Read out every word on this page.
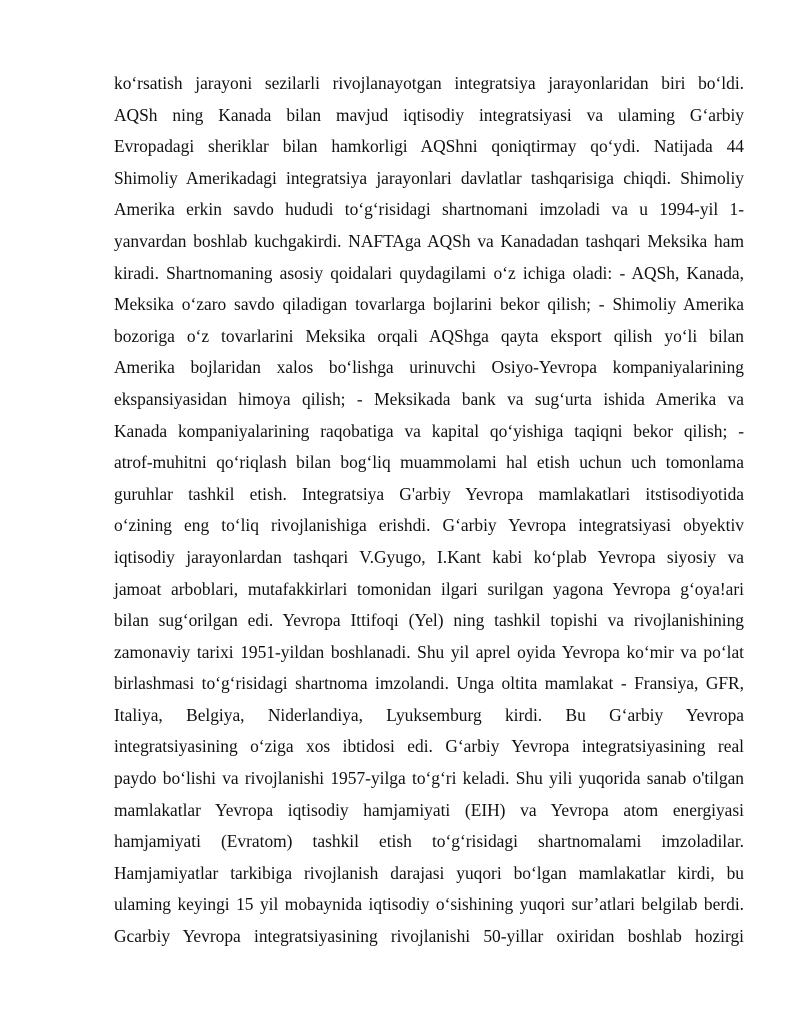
ko‘rsatish jarayoni sezilarli rivojlanayotgan integratsiya jarayonlaridan biri bo‘ldi.
AQSh ning Kanada bilan mavjud iqtisodiy integratsiyasi va ulaming G‘arbiy
Evropadagi sheriklar bilan hamkorligi AQShni qoniqtirmay qo‘ydi. Natijada 44
Shimoliy Amerikadagi integratsiya jarayonlari davlatlar tashqarisiga chiqdi. Shimoliy
Amerika erkin savdo hududi to‘g‘risidagi shartnomani imzoladi va u 1994-yil 1-
yanvardan boshlab kuchgakirdi. NAFTAga AQSh va Kanadadan tashqari Meksika ham
kiradi. Shartnomaning asosiy qoidalari quydagilami o‘z ichiga oladi: - AQSh, Kanada,
Meksika o‘zaro savdo qiladigan tovarlarga bojlarini bekor qilish; - Shimoliy Amerika
bozoriga o‘z tovarlarini Meksika orqali AQShga qayta eksport qilish yo‘li bilan
Amerika bojlaridan xalos bo‘lishga urinuvchi Osiyo-Yevropa kompaniyalarining
ekspansiyasidan himoya qilish; - Meksikada bank va sug‘urta ishida Amerika va
Kanada kompaniyalarining raqobatiga va kapital qo‘yishiga taqiqni bekor qilish; -
atrof-muhitni qo‘riqlash bilan bog‘liq muammolami hal etish uchun uch tomonlama
guruhlar tashkil etish. Integratsiya G'arbiy Yevropa mamlakatlari itstisodiyotida
o‘zining eng to‘liq rivojlanishiga erishdi. G‘arbiy Yevropa integratsiyasi obyektiv
iqtisodiy jarayonlardan tashqari V.Gyugo, I.Kant kabi ko‘plab Yevropa siyosiy va
jamoat arboblari, mutafakkirlari tomonidan ilgari surilgan yagona Yevropa g‘oya!ari
bilan sug‘orilgan edi. Yevropa Ittifoqi (Yel) ning tashkil topishi va rivojlanishining
zamonaviy tarixi 1951-yildan boshlanadi. Shu yil aprel oyida Yevropa ko‘mir va po‘lat
birlashmasi to‘g‘risidagi shartnoma imzolandi. Unga oltita mamlakat - Fransiya, GFR,
Italiya, Belgiya, Niderlandiya, Lyuksemburg kirdi. Bu G‘arbiy Yevropa
integratsiyasining o‘ziga xos ibtidosi edi. G‘arbiy Yevropa integratsiyasining real
paydo bo‘lishi va rivojlanishi 1957-yilga to‘g‘ri keladi. Shu yili yuqorida sanab o'tilgan
mamlakatlar Yevropa iqtisodiy hamjamiyati (EIH) va Yevropa atom energiyasi
hamjamiyati (Evratom) tashkil etish to‘g‘risidagi shartnomalami imzoladilar.
Hamjamiyatlar tarkibiga rivojlanish darajasi yuqori bo‘lgan mamlakatlar kirdi, bu
ulaming keyingi 15 yil mobaynida iqtisodiy o‘sishining yuqori sur’atlari belgilab berdi.
Gcarbiy Yevropa integratsiyasining rivojlanishi 50-yillar oxiridan boshlab hozirgi
